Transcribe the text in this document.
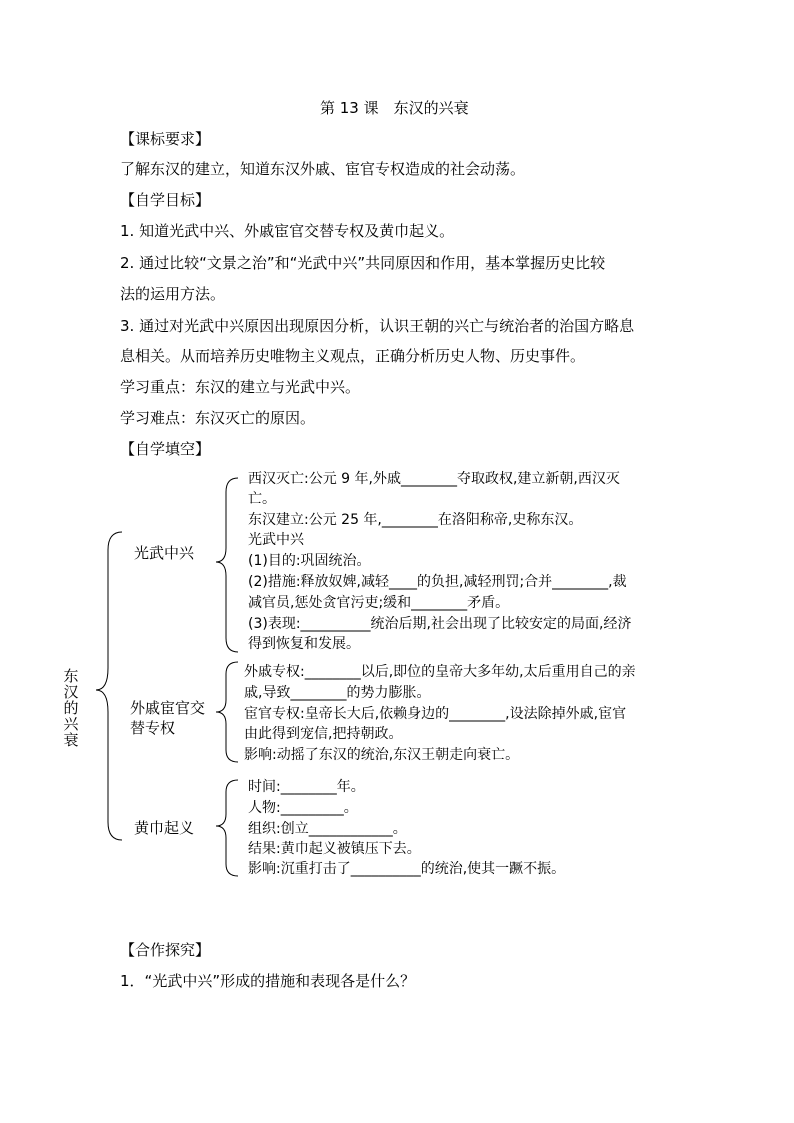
第 13 课　东汉的兴衰
【课标要求】
了解东汉的建立，知道东汉外戚、宦官专权造成的社会动荡。
【自学目标】
1. 知道光武中兴、外戚宦官交替专权及黄巾起义。
2. 通过比较“文景之治”和“光武中兴”共同原因和作用，基本掌握历史比较
法的运用方法。
3. 通过对光武中兴原因出现原因分析，认识王朝的兴亡与统治者的治国方略息
息相关。从而培养历史唯物主义观点，正确分析历史人物、历史事件。
学习重点：东汉的建立与光武中兴。
学习难点：东汉灭亡的原因。
【自学填空】
东汉的兴衰
光武中兴
外戚宦官交
替专权
黄巾起义
西汉灭亡:公元 9 年,外戚________夺取政权,建立新朝,西汉灭
亡。
东汉建立:公元 25 年,________在洛阳称帝,史称东汉。
光武中兴
(1)目的:巩固统治。
(2)措施:释放奴婢,减轻____的负担,减轻刑罚;合并________,裁
减官员,惩处贪官污吏;缓和________矛盾。
(3)表现:__________统治后期,社会出现了比较安定的局面,经济
得到恢复和发展。
外戚专权:________以后,即位的皇帝大多年幼,太后重用自己的亲
戚,导致________的势力膨胀。
宦官专权:皇帝长大后,依赖身边的________,设法除掉外戚,宦官
由此得到宠信,把持朝政。
影响:动摇了东汉的统治,东汉王朝走向衰亡。
时间:________年。
人物:_________。
组织:创立____________。
结果:黄巾起义被镇压下去。
影响:沉重打击了__________的统治,使其一蹶不振。
【合作探究】
1．“光武中兴”形成的措施和表现各是什么？
